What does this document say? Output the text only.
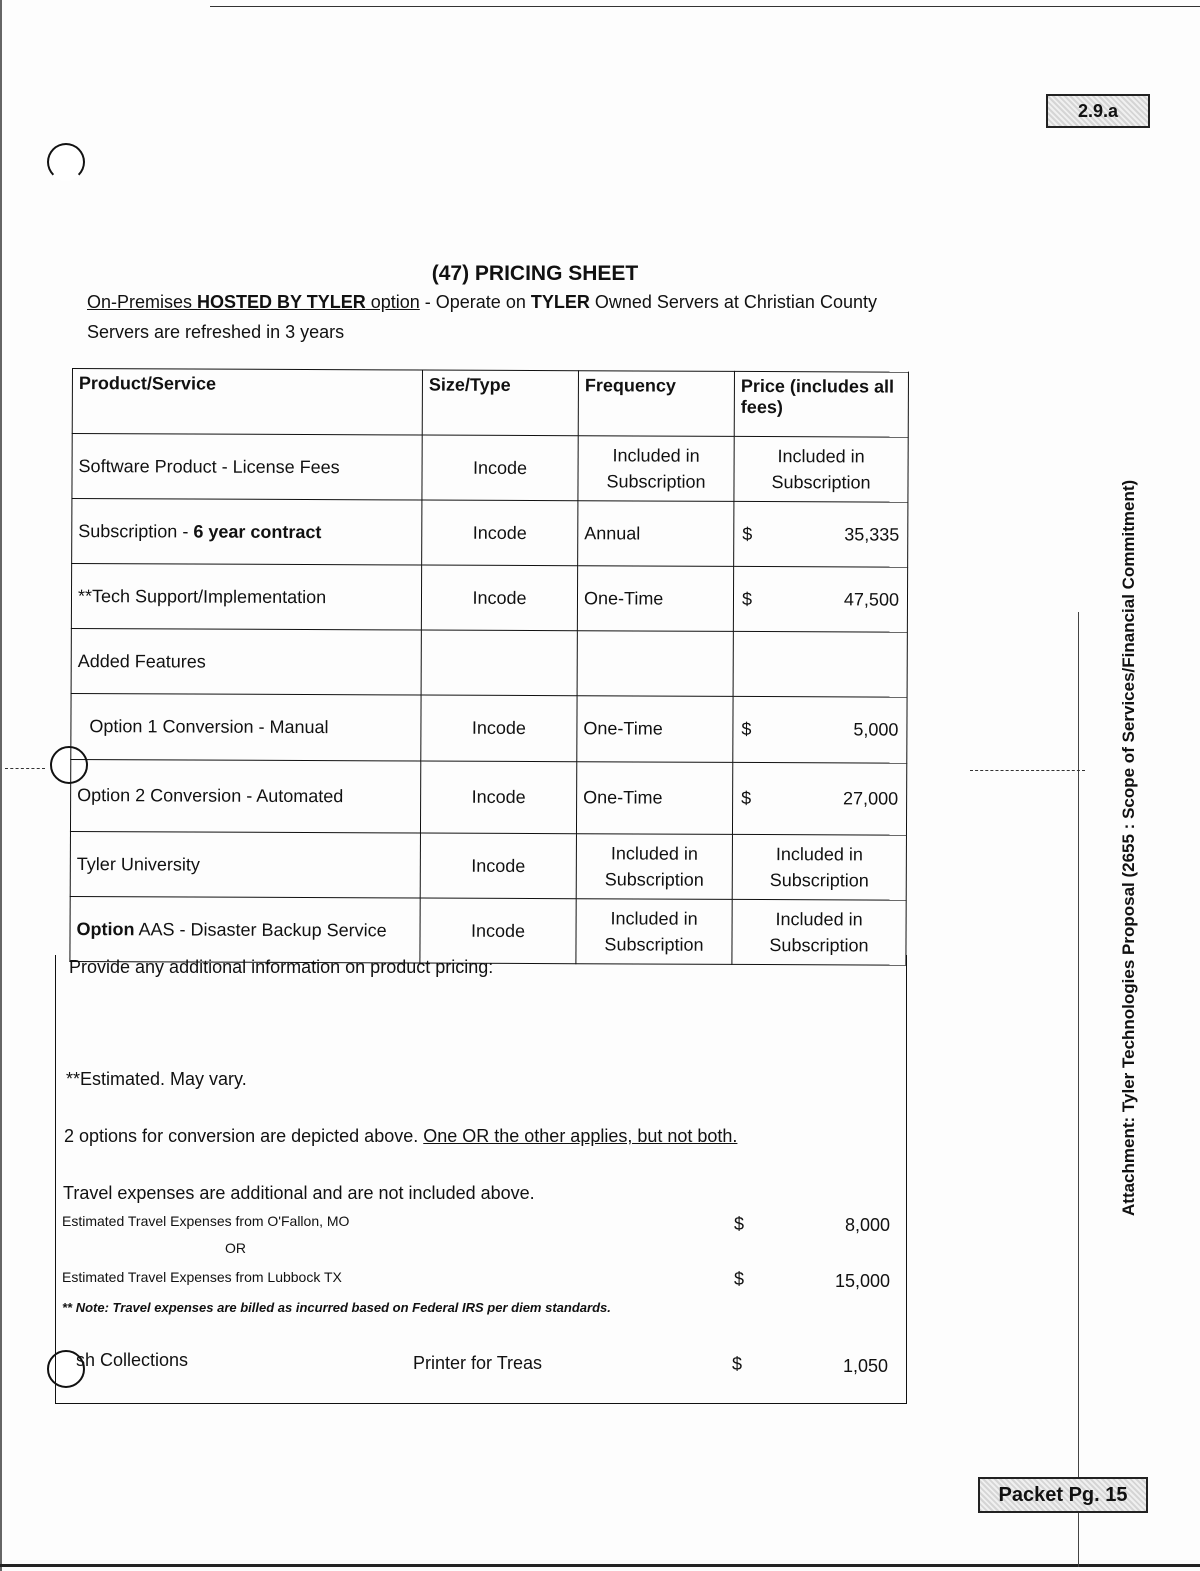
2.9.a
Packet Pg. 15
Attachment: Tyler Technologies Proposal (2655 : Scope of Services/Financial Commitment)
(47) PRICING SHEET
On-Premises HOSTED BY TYLER option - Operate on TYLER Owned Servers at Christian County
Servers are refreshed in 3 years
Product/Service	Size/Type	Frequency	Price (includes all fees)
Software Product - License Fees	Incode	Included in Subscription	Included in Subscription
Subscription - 6 year contract	Incode	Annual	$ 35,335

**Tech Support/Implementation	Incode	One-Time	$ 47,500

Added Features			
Option 1 Conversion - Manual	Incode	One-Time	$ 5,000

Option 2 Conversion - Automated	Incode	One-Time	$ 27,000

Tyler University	Incode	Included in Subscription	Included in Subscription
Option AAS - Disaster Backup Service	Incode	Included in Subscription	Included in Subscription
Provide any additional information on product pricing:
**Estimated. May vary.
2 options for conversion are depicted above. One OR the other applies, but not both.
Travel expenses are additional and are not included above.
Estimated Travel Expenses from O'Fallon, MO	$	8,000
OR
Estimated Travel Expenses from Lubbock TX	$	15,000
** Note: Travel expenses are billed as incurred based on Federal IRS per diem standards.
sh Collections	Printer for Treas	$	1,050
